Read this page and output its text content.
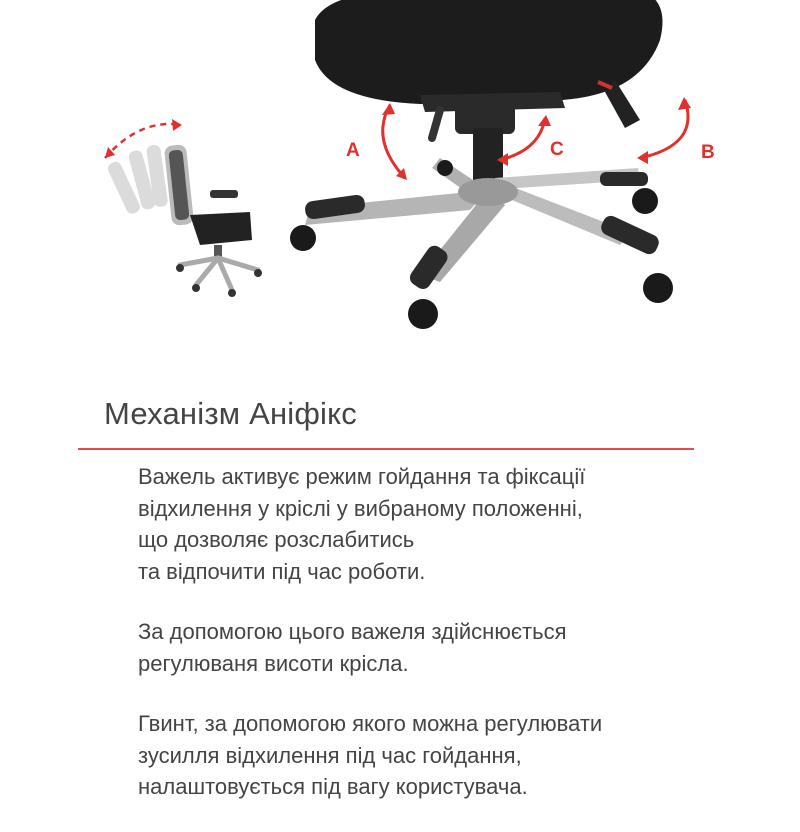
A	C	B
Механізм Аніфікс

Важель активує режим гойдання та фіксації
відхилення у кріслі у вибраному положенні,
що дозволяє розслабитись
та відпочити під час роботи.

За допомогою цього важеля здійснюється
регулюваня висоти крісла.

Гвинт, за допомогою якого можна регулювати
зусилля відхилення під час гойдання,
налаштовується під вагу користувача.
